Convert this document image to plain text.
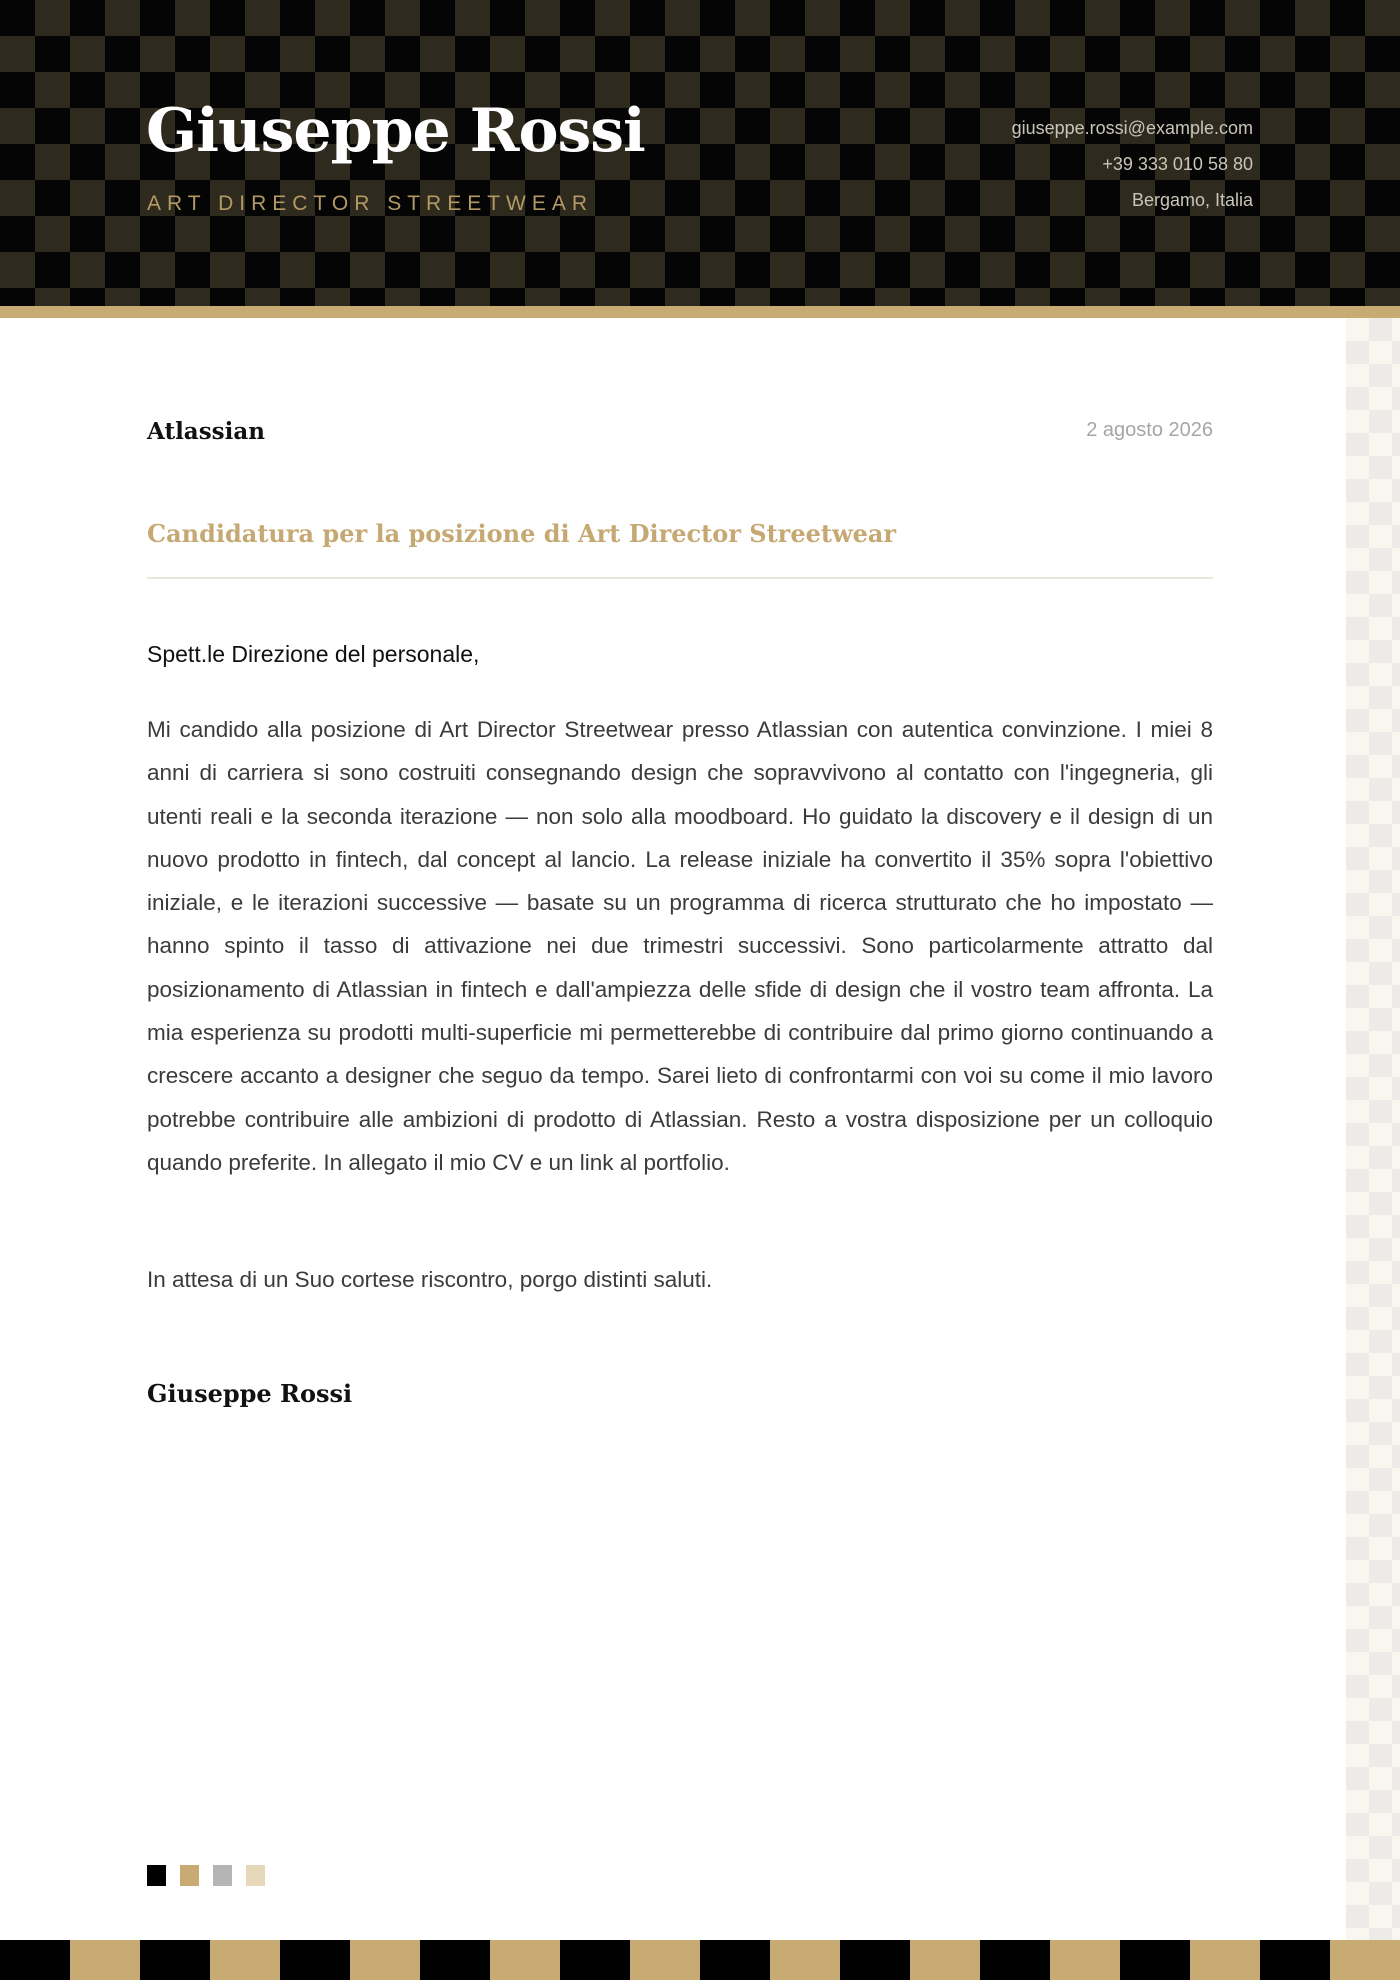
Giuseppe Rossi
ART DIRECTOR STREETWEAR
giuseppe.rossi@example.com
+39 333 010 58 80
Bergamo, Italia
Atlassian	2 agosto 2026
Candidatura per la posizione di Art Director Streetwear
Spett.le Direzione del personale,

Mi candido alla posizione di Art Director Streetwear presso Atlassian con autentica convinzione. I miei 8 anni di carriera si sono costruiti consegnando design che sopravvivono al contatto con l'ingegneria, gli utenti reali e la seconda iterazione — non solo alla moodboard. Ho guidato la discovery e il design di un nuovo prodotto in fintech, dal concept al lancio. La release iniziale ha convertito il 35% sopra l'obiettivo iniziale, e le iterazioni successive — basate su un programma di ricerca strutturato che ho impostato — hanno spinto il tasso di attivazione nei due trimestri successivi. Sono particolarmente attratto dal posizionamento di Atlassian in fintech e dall'ampiezza delle sfide di design che il vostro team affronta. La mia esperienza su prodotti multi-superficie mi permetterebbe di contribuire dal primo giorno continuando a crescere accanto a designer che seguo da tempo. Sarei lieto di confrontarmi con voi su come il mio lavoro potrebbe contribuire alle ambizioni di prodotto di Atlassian. Resto a vostra disposizione per un colloquio quando preferite. In allegato il mio CV e un link al portfolio.

In attesa di un Suo cortese riscontro, porgo distinti saluti.
Giuseppe Rossi
